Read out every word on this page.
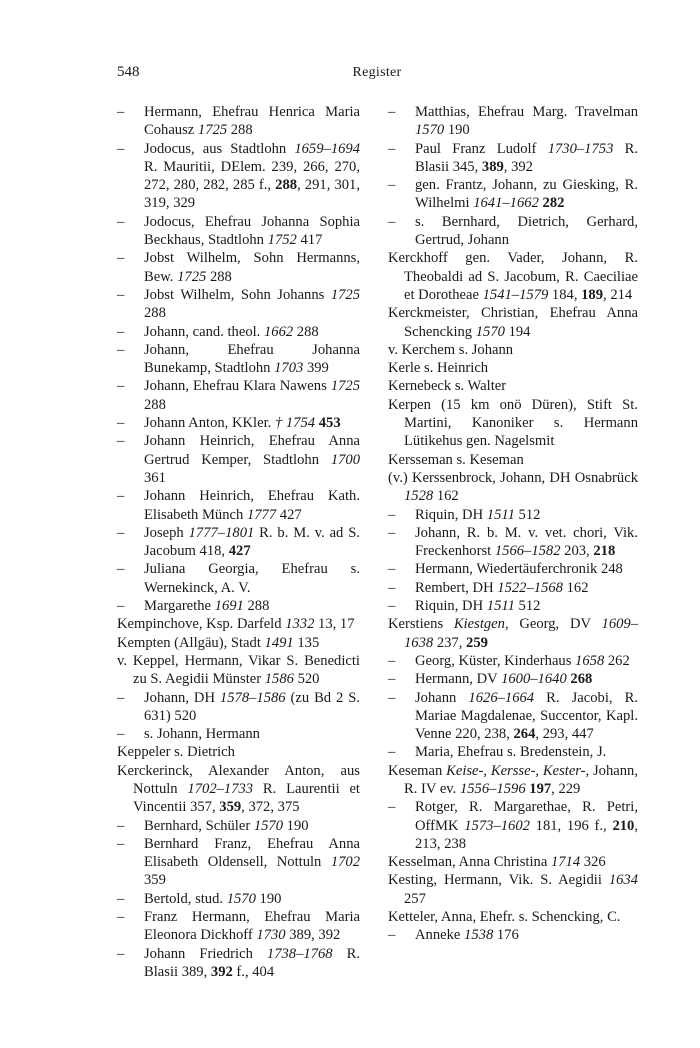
548	Register

– Hermann, Ehefrau Henrica Maria Cohausz 1725 288

– Jodocus, aus Stadtlohn 1659–1694 R. Mauritii, DElem. 239, 266, 270, 272, 280, 282, 285 f., 288, 291, 301, 319, 329

– Jodocus, Ehefrau Johanna Sophia Beckhaus, Stadtlohn 1752 417

– Jobst Wilhelm, Sohn Hermanns, Bew. 1725 288

– Jobst Wilhelm, Sohn Johanns 1725 288

– Johann, cand. theol. 1662 288

– Johann, Ehefrau Johanna Bunekamp, Stadtlohn 1703 399

– Johann, Ehefrau Klara Nawens 1725 288

– Johann Anton, KKler. † 1754 453

– Johann Heinrich, Ehefrau Anna Gertrud Kemper, Stadtlohn 1700 361

– Johann Heinrich, Ehefrau Kath. Elisabeth Münch 1777 427

– Joseph 1777–1801 R. b. M. v. ad S. Jacobum 418, 427

– Juliana Georgia, Ehefrau s. Wernekinck, A. V.

– Margarethe 1691 288

Kempinchove, Ksp. Darfeld 1332 13, 17

Kempten (Allgäu), Stadt 1491 135

v. Keppel, Hermann, Vikar S. Benedicti zu S. Aegidii Münster 1586 520

– Johann, DH 1578–1586 (zu Bd 2 S. 631) 520

– s. Johann, Hermann

Keppeler s. Dietrich

Kerckerinck, Alexander Anton, aus Nottuln 1702–1733 R. Laurentii et Vincentii 357, 359, 372, 375

– Bernhard, Schüler 1570 190

– Bernhard Franz, Ehefrau Anna Elisabeth Oldensell, Nottuln 1702 359

– Bertold, stud. 1570 190

– Franz Hermann, Ehefrau Maria Eleonora Dickhoff 1730 389, 392

– Johann Friedrich 1738–1768 R. Blasii 389, 392 f., 404

– Matthias, Ehefrau Marg. Travelman 1570 190

– Paul Franz Ludolf 1730–1753 R. Blasii 345, 389, 392

– gen. Frantz, Johann, zu Giesking, R. Wilhelmi 1641–1662 282

– s. Bernhard, Dietrich, Gerhard, Gertrud, Johann

Kerckhoff gen. Vader, Johann, R. Theobaldi ad S. Jacobum, R. Caeciliae et Dorotheae 1541–1579 184, 189, 214

Kerckmeister, Christian, Ehefrau Anna Schencking 1570 194

v. Kerchem s. Johann

Kerle s. Heinrich

Kernebeck s. Walter

Kerpen (15 km onö Düren), Stift St. Martini, Kanoniker s. Hermann Lütikehus gen. Nagelsmit

Kersseman s. Keseman

(v.) Kerssenbrock, Johann, DH Osnabrück 1528 162

– Riquin, DH 1511 512

– Johann, R. b. M. v. vet. chori, Vik. Freckenhorst 1566–1582 203, 218

– Hermann, Wiedertäuferchronik 248

– Rembert, DH 1522–1568 162

– Riquin, DH 1511 512

Kerstiens Kiestgen, Georg, DV 1609–1638 237, 259

– Georg, Küster, Kinderhaus 1658 262

– Hermann, DV 1600–1640 268

– Johann 1626–1664 R. Jacobi, R. Mariae Magdalenae, Succentor, Kapl. Venne 220, 238, 264, 293, 447

– Maria, Ehefrau s. Bredenstein, J.

Keseman Keise-, Kersse-, Kester-, Johann, R. IV ev. 1556–1596 197, 229

– Rotger, R. Margarethae, R. Petri, OffMK 1573–1602 181, 196 f., 210, 213, 238

Kesselman, Anna Christina 1714 326

Kesting, Hermann, Vik. S. Aegidii 1634 257

Ketteler, Anna, Ehefr. s. Schencking, C.

– Anneke 1538 176
